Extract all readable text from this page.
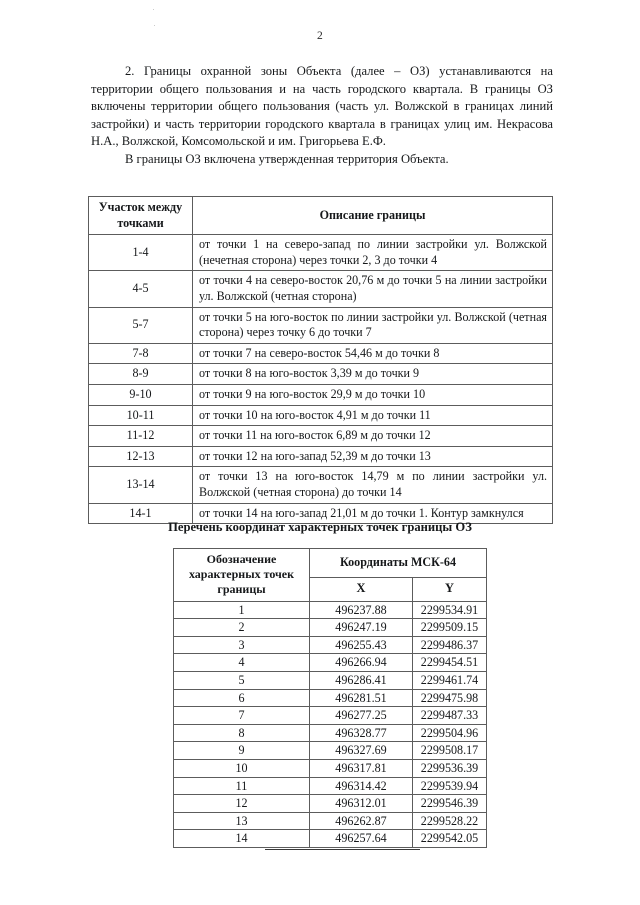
2

2. Границы охранной зоны Объекта (далее – ОЗ) устанавливаются на территории общего пользования и на часть городского квартала. В границы ОЗ включены территории общего пользования (часть ул. Волжской в границах линий застройки) и часть территории городского квартала в границах улиц им. Некрасова Н.А., Волжской, Комсомольской и им. Григорьева Е.Ф.

В границы ОЗ включена утвержденная территория Объекта.

Участок между точками	Описание границы
1-4	от точки 1 на северо-запад по линии застройки ул. Волжской (нечетная сторона) через точки 2, 3 до точки 4
4-5	от точки 4 на северо-восток 20,76 м до точки 5 на линии застройки ул. Волжской (четная сторона)
5-7	от точки 5 на юго-восток по линии застройки ул. Волжской (четная сторона) через точку 6 до точки 7
7-8	от точки 7 на северо-восток 54,46 м до точки 8
8-9	от точки 8 на юго-восток 3,39 м до точки 9
9-10	от точки 9 на юго-восток 29,9 м до точки 10
10-11	от точки 10 на юго-восток 4,91 м до точки 11
11-12	от точки 11 на юго-восток 6,89 м до точки 12
12-13	от точки 12 на юго-запад 52,39 м до точки 13
13-14	от точки 13 на юго-восток 14,79 м по линии застройки ул. Волжской (четная сторона) до точки 14
14-1	от точки 14 на юго-запад 21,01 м до точки 1. Контур замкнулся
Перечень координат характерных точек границы ОЗ
Обозначение характерных точек границы	Координаты МСК-64	
	X	Y
1	496237.88	2299534.91
2	496247.19	2299509.15
3	496255.43	2299486.37
4	496266.94	2299454.51
5	496286.41	2299461.74
6	496281.51	2299475.98
7	496277.25	2299487.33
8	496328.77	2299504.96
9	496327.69	2299508.17
10	496317.81	2299536.39
11	496314.42	2299539.94
12	496312.01	2299546.39
13	496262.87	2299528.22
14	496257.64	2299542.05
